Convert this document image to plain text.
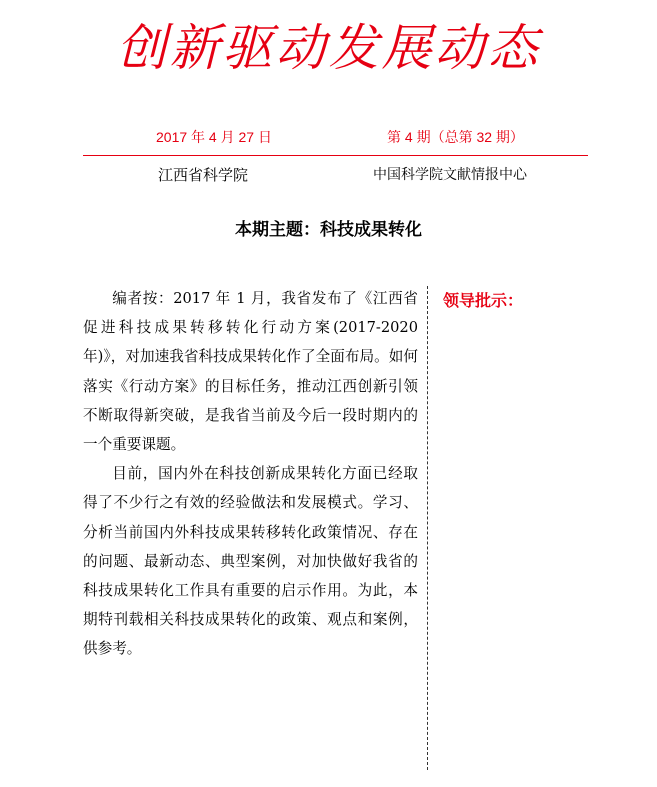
创新驱动发展动态
2017 年 4 月 27 日	第 4 期（总第 32 期）
江西省科学院	中国科学院文献情报中心
本期主题：科技成果转化

编者按：2017 年 1 月，我省发布了《江西省促进科技成果转移转化行动方案(2017-2020 年)》，对加速我省科技成果转化作了全面布局。如何落实《行动方案》的目标任务，推动江西创新引领不断取得新突破，是我省当前及今后一段时期内的一个重要课题。

目前，国内外在科技创新成果转化方面已经取得了不少行之有效的经验做法和发展模式。学习、分析当前国内外科技成果转移转化政策情况、存在的问题、最新动态、典型案例，对加快做好我省的科技成果转化工作具有重要的启示作用。为此，本期特刊载相关科技成果转化的政策、观点和案例，供参考。

领导批示：
